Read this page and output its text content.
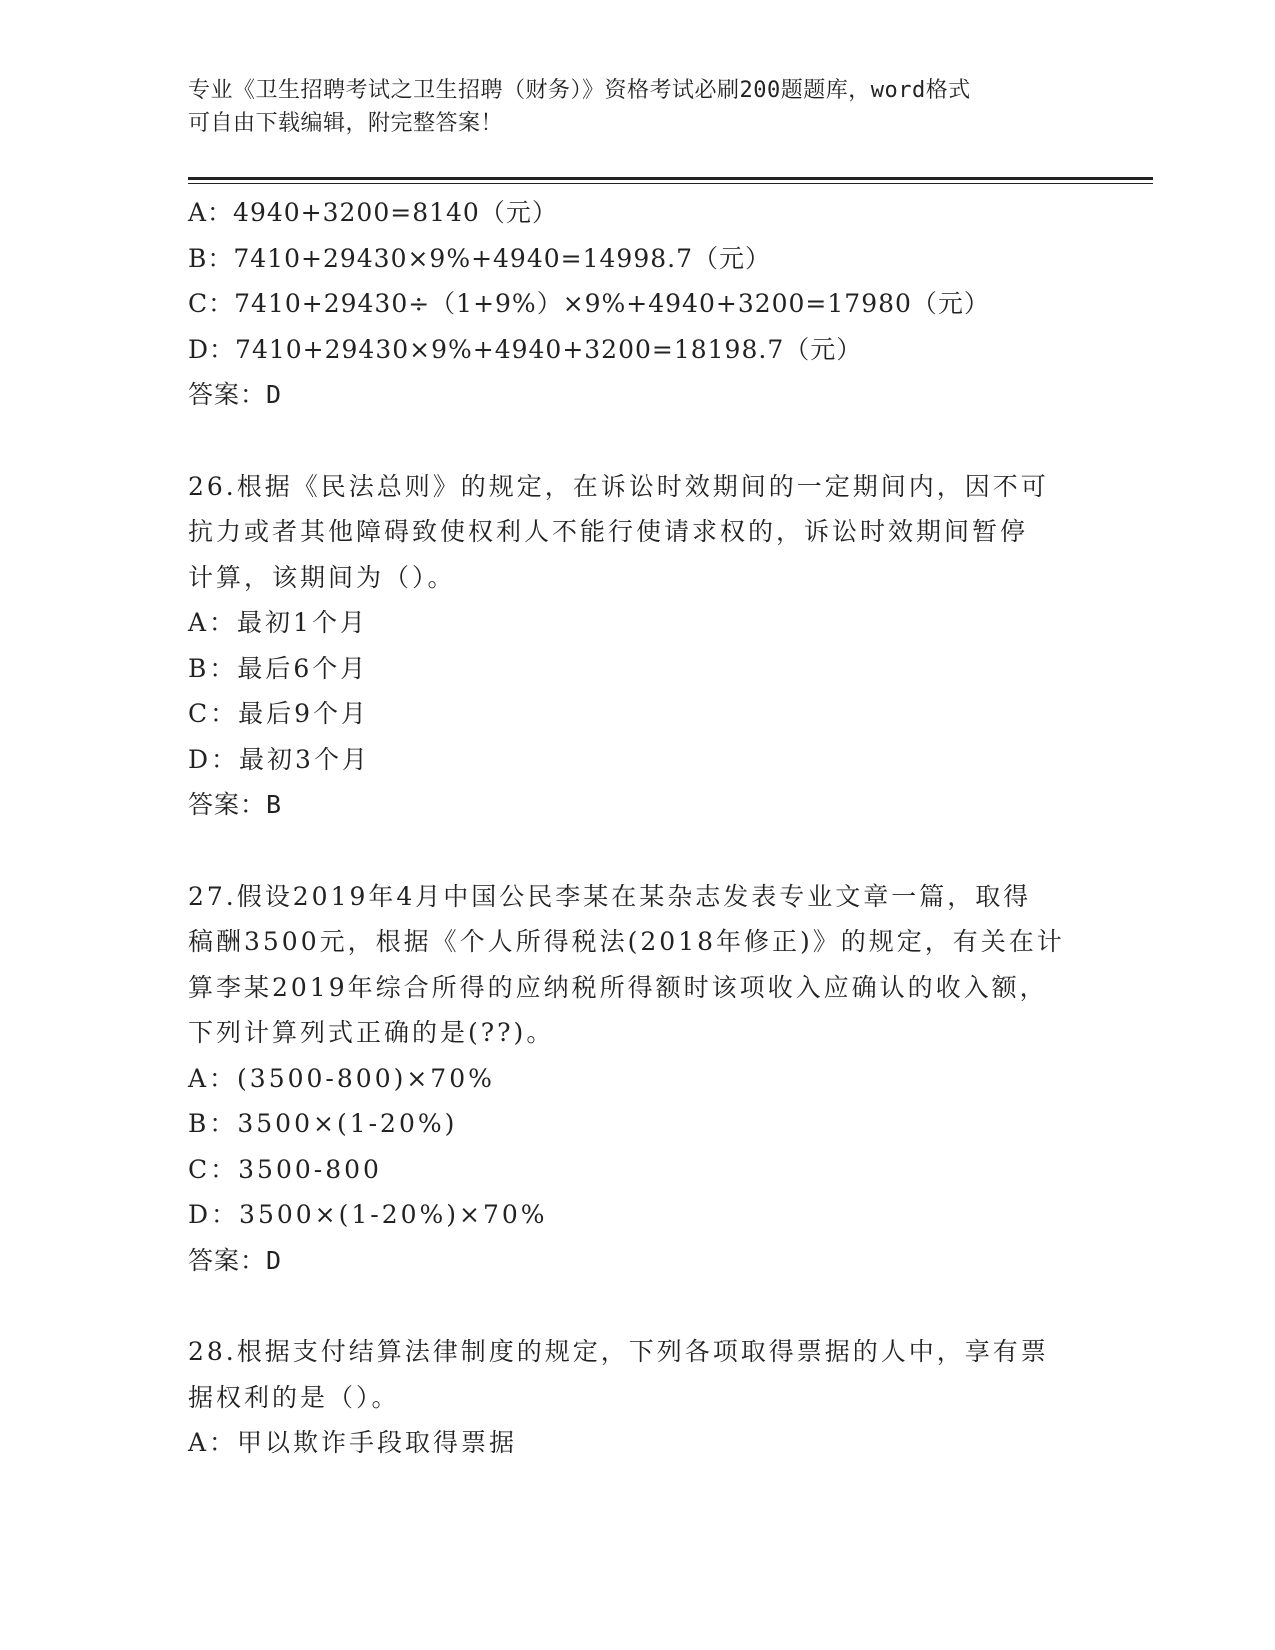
专业《卫生招聘考试之卫生招聘（财务）》资格考试必刷200题题库，word格式
可自由下载编辑，附完整答案！
A：4940+3200=8140（元）
B：7410+29430×9%+4940=14998.7（元）
C：7410+29430÷（1+9%）×9%+4940+3200=17980（元）
D：7410+29430×9%+4940+3200=18198.7（元）
答案：D
26.根据《民法总则》的规定，在诉讼时效期间的一定期间内，因不可
抗力或者其他障碍致使权利人不能行使请求权的，诉讼时效期间暂停
计算，该期间为（）。
A：最初1个月
B：最后6个月
C：最后9个月
D：最初3个月
答案：B
27.假设2019年4月中国公民李某在某杂志发表专业文章一篇，取得
稿酬3500元，根据《个人所得税法(2018年修正)》的规定，有关在计
算李某2019年综合所得的应纳税所得额时该项收入应确认的收入额，
下列计算列式正确的是(??)。
A：(3500-800)×70%
B：3500×(1-20%)
C：3500-800
D：3500×(1-20%)×70%
答案：D
28.根据支付结算法律制度的规定，下列各项取得票据的人中，享有票
据权利的是（）。
A：甲以欺诈手段取得票据
